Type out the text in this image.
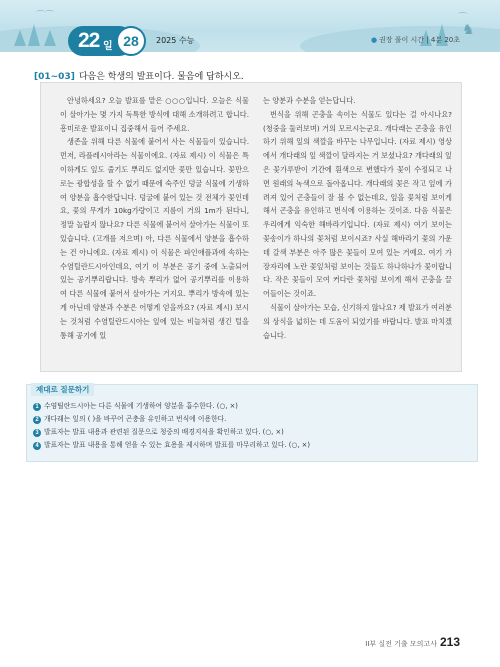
⌒⌒	⌒
♞
22 일 28	2025 수능	● 권장 풀이 시간 | 4분 20초
[01~03] 다음은 학생의 발표이다. 물음에 답하시오.

안녕하세요? 오늘 발표를 맡은 ○○○입니다. 오늘은 식물이 살아가는 몇 가지 독특한 방식에 대해 소개하려고 합니다. 흥미로운 발표이니 집중해서 들어 주세요.

생존을 위해 다른 식물에 붙어서 사는 식물들이 있습니다. 먼저, 라플레시아라는 식물이에요. (자료 제시) 이 식물은 특이하게도 잎도 줄기도 뿌리도 없지만 꽃만 있습니다. 꽃만으로는 광합성을 할 수 없기 때문에 숙주인 덩굴 식물에 기생하여 양분을 흡수한답니다. 덩굴에 붙어 있는 것 전체가 꽃인데요, 꽃의 무게가 10kg가량이고 지름이 거의 1m가 된다니, 정말 놀랍지 않나요? 다른 식물에 붙어서 살아가는 식물이 또 있습니다. (고개를 저으며) 아, 다른 식물에서 양분을 흡수하는 건 아니에요. (자료 제시) 이 식물은 파인애플과에 속하는 수염틸란드시아인데요, 여기 이 부분은 공기 중에 노출되어 있는 공기뿌리랍니다. 방속 뿌리가 없어 공기뿌리를 이용하여 다른 식물에 붙어서 살아가는 거지요. 뿌리가 방속에 있는 게 아닌데 양분과 수분은 어떻게 얻을까요? (자료 제시) 보시는 것처럼 수염틸란드시아는 잎에 있는 비늘처럼 생긴 털을 통해 공기에 있

는 양분과 수분을 얻는답니다.

번식을 위해 곤충을 속이는 식물도 있다는 걸 아시나요? (청중을 둘러보며) 거의 모르시는군요. 개다래는 곤충을 유인하기 위해 잎의 색깔을 바꾸는 나무입니다. (자료 제시) 영상에서 개다래의 잎 색깔이 달라지는 거 보셨나요? 개다래의 잎은 꽃가루받이 기간에 흰색으로 변했다가 꽃이 수정되고 나면 원래의 녹색으로 돌아옵니다. 개다래의 꽃은 작고 잎에 가려져 있어 곤충들이 잘 볼 수 없는데요, 잎을 꽃처럼 보이게 해서 곤충을 유인하고 번식에 이용하는 것이죠. 다음 식물은 우리에게 익숙한 해바라기입니다. (자료 제시) 여기 보이는 꽃송이가 하나의 꽃처럼 보이시죠? 사실 해바라기 꽃의 가운데 갈색 부분은 아주 많은 꽃들이 모여 있는 거예요. 여기 가장자리에 노란 꽃잎처럼 보이는 것들도 하나하나가 꽃이랍니다. 작은 꽃들이 모여 커다란 꽃처럼 보이게 해서 곤충을 끌어들이는 것이죠.

식물이 살아가는 모습, 신기하지 않나요? 제 발표가 여러분의 상식을 넓히는 데 도움이 되었기를 바랍니다. 발표 마치겠습니다.

제대로 질문하기
1 수염틸란드시아는 다른 식물에 기생하여 양분을 흡수한다. (○, ×)
2 개다래는 잎의 ( )을 바꾸어 곤충을 유인하고 번식에 이용한다.
3 발표자는 발표 내용과 관련된 질문으로 청중의 배경지식을 확인하고 있다. (○, ×)
4 발표자는 발표 내용을 통해 얻을 수 있는 효용을 제시하며 발표를 마무리하고 있다. (○, ×)
II부 실전 기출 모의고사 213
